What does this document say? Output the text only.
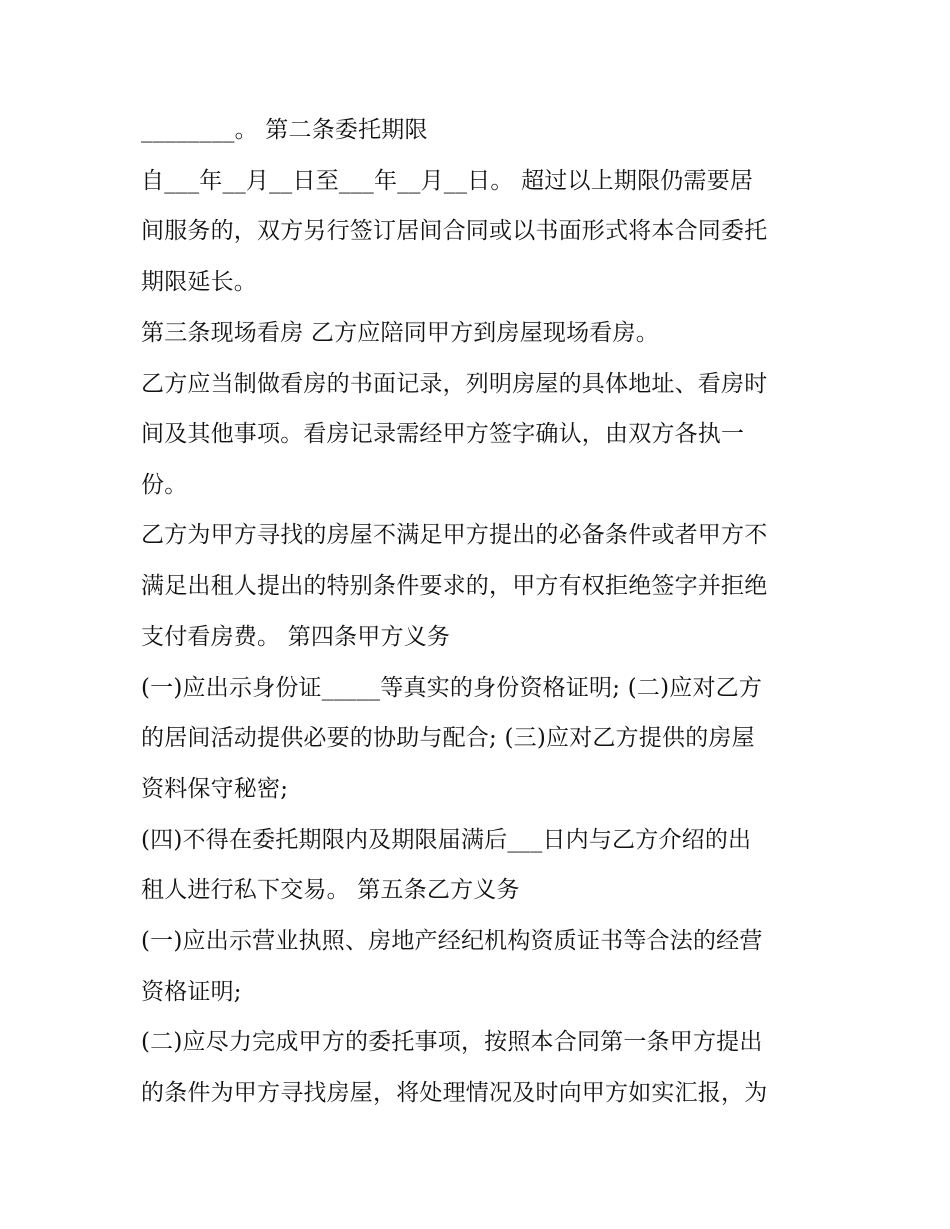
________。 第二条委托期限
自___年__月__日至___年__月__日。 超过以上期限仍需要居
间服务的，双方另行签订居间合同或以书面形式将本合同委托
期限延长。
第三条现场看房 乙方应陪同甲方到房屋现场看房。
乙方应当制做看房的书面记录，列明房屋的具体地址、看房时
间及其他事项。看房记录需经甲方签字确认，由双方各执一
份。
乙方为甲方寻找的房屋不满足甲方提出的必备条件或者甲方不
满足出租人提出的特别条件要求的，甲方有权拒绝签字并拒绝
支付看房费。 第四条甲方义务
(一)应出示身份证_____等真实的身份资格证明; (二)应对乙方
的居间活动提供必要的协助与配合; (三)应对乙方提供的房屋
资料保守秘密;
(四)不得在委托期限内及期限届满后___日内与乙方介绍的出
租人进行私下交易。 第五条乙方义务
(一)应出示营业执照、房地产经纪机构资质证书等合法的经营
资格证明;
(二)应尽力完成甲方的委托事项，按照本合同第一条甲方提出
的条件为甲方寻找房屋，将处理情况及时向甲方如实汇报，为
